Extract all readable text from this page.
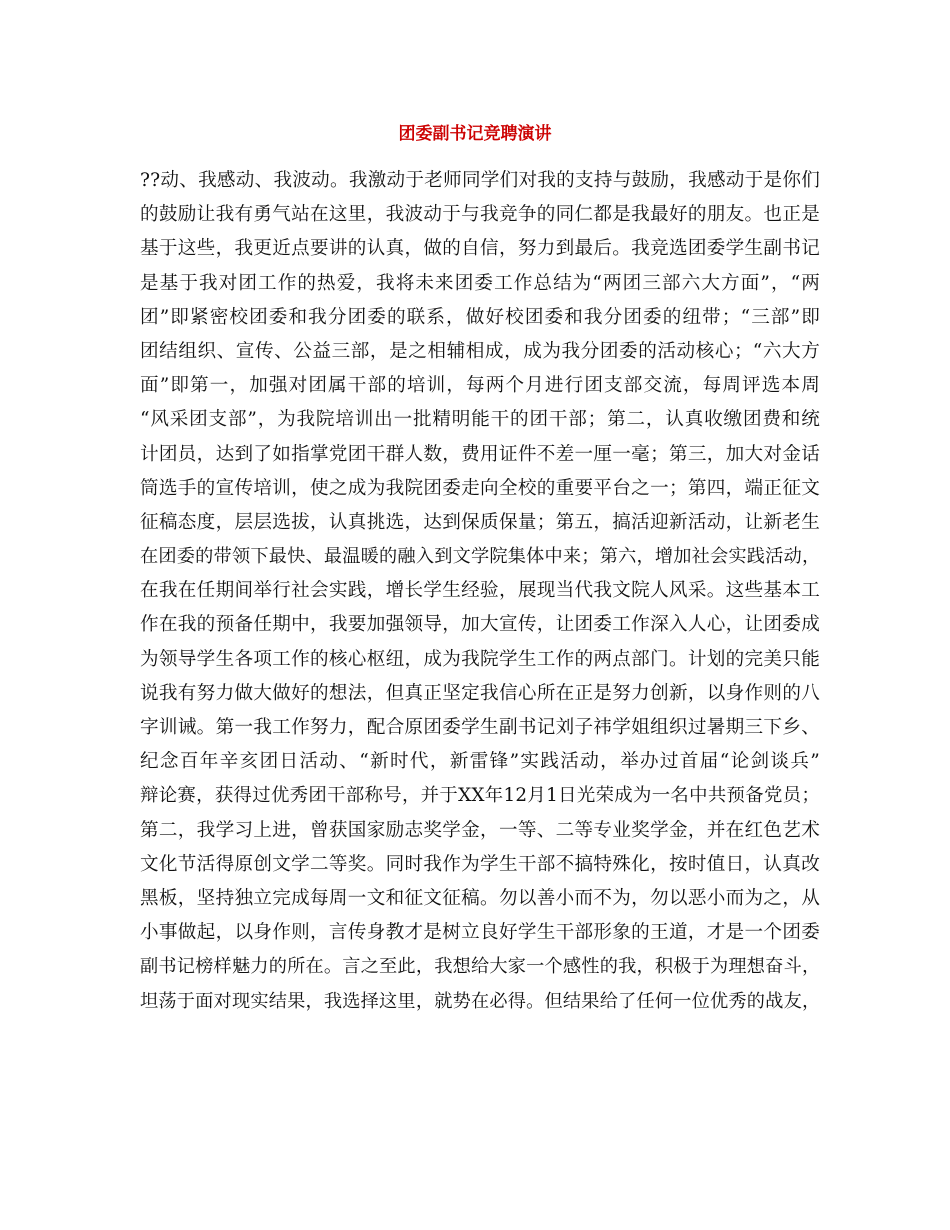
团委副书记竞聘演讲
??动、我感动、我波动。我激动于老师同学们对我的支持与鼓励，我感动于是你们
的鼓励让我有勇气站在这里，我波动于与我竞争的同仁都是我最好的朋友。也正是
基于这些，我更近点要讲的认真，做的自信，努力到最后。我竞选团委学生副书记
是基于我对团工作的热爱，我将未来团委工作总结为“两团三部六大方面”，“两
团”即紧密校团委和我分团委的联系，做好校团委和我分团委的纽带；“三部”即
团结组织、宣传、公益三部，是之相辅相成，成为我分团委的活动核心；“六大方
面”即第一，加强对团属干部的培训，每两个月进行团支部交流，每周评选本周
“风采团支部”，为我院培训出一批精明能干的团干部；第二，认真收缴团费和统
计团员，达到了如指掌党团干群人数，费用证件不差一厘一毫；第三，加大对金话
筒选手的宣传培训，使之成为我院团委走向全校的重要平台之一；第四，端正征文
征稿态度，层层选拔，认真挑选，达到保质保量；第五，搞活迎新活动，让新老生
在团委的带领下最快、最温暖的融入到文学院集体中来；第六，增加社会实践活动，
在我在任期间举行社会实践，增长学生经验，展现当代我文院人风采。这些基本工
作在我的预备任期中，我要加强领导，加大宣传，让团委工作深入人心，让团委成
为领导学生各项工作的核心枢纽，成为我院学生工作的两点部门。计划的完美只能
说我有努力做大做好的想法，但真正坚定我信心所在正是努力创新，以身作则的八
字训诫。第一我工作努力，配合原团委学生副书记刘子祎学姐组织过暑期三下乡、
纪念百年辛亥团日活动、“新时代，新雷锋”实践活动，举办过首届“论剑谈兵”
辩论赛，获得过优秀团干部称号，并于XX年12月1日光荣成为一名中共预备党员；
第二，我学习上进，曾获国家励志奖学金，一等、二等专业奖学金，并在红色艺术
文化节活得原创文学二等奖。同时我作为学生干部不搞特殊化，按时值日，认真改
黑板，坚持独立完成每周一文和征文征稿。勿以善小而不为，勿以恶小而为之，从
小事做起，以身作则，言传身教才是树立良好学生干部形象的王道，才是一个团委
副书记榜样魅力的所在。言之至此，我想给大家一个感性的我，积极于为理想奋斗，
坦荡于面对现实结果，我选择这里，就势在必得。但结果给了任何一位优秀的战友，
